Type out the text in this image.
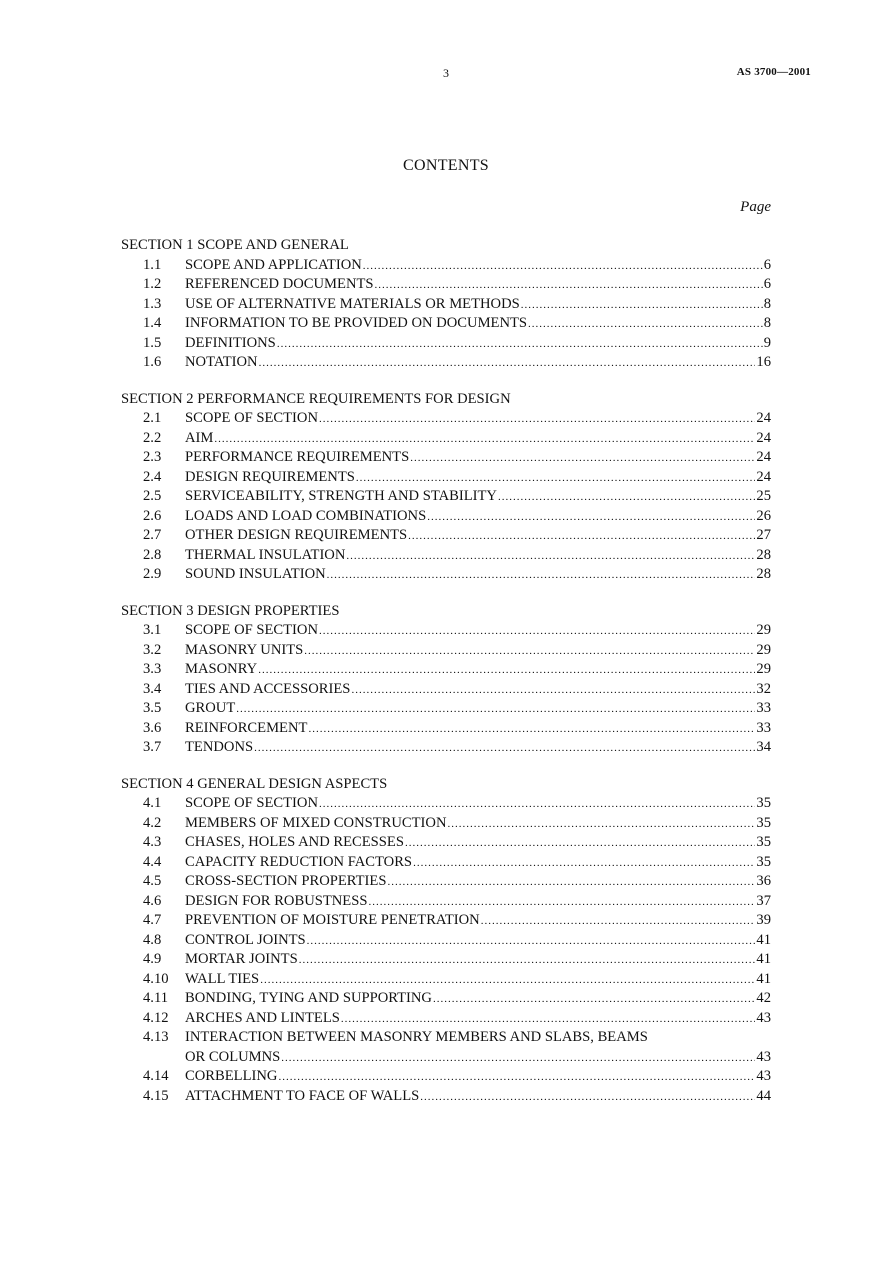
3	AS 3700—2001
CONTENTS
Page
SECTION 1 SCOPE AND GENERAL
1.1	SCOPE AND APPLICATION .....	6
1.2	REFERENCED DOCUMENTS .....	6
1.3	USE OF ALTERNATIVE MATERIALS OR METHODS .....	8
1.4	INFORMATION TO BE PROVIDED ON DOCUMENTS .....	8
1.5	DEFINITIONS .....	9
1.6	NOTATION .....	16
SECTION 2 PERFORMANCE REQUIREMENTS FOR DESIGN
2.1	SCOPE OF SECTION .....	24
2.2	AIM .....	24
2.3	PERFORMANCE REQUIREMENTS .....	24
2.4	DESIGN REQUIREMENTS .....	24
2.5	SERVICEABILITY, STRENGTH AND STABILITY .....	25
2.6	LOADS AND LOAD COMBINATIONS .....	26
2.7	OTHER DESIGN REQUIREMENTS .....	27
2.8	THERMAL INSULATION .....	28
2.9	SOUND INSULATION .....	28
SECTION 3 DESIGN PROPERTIES
3.1	SCOPE OF SECTION .....	29
3.2	MASONRY UNITS .....	29
3.3	MASONRY .....	29
3.4	TIES AND ACCESSORIES .....	32
3.5	GROUT .....	33
3.6	REINFORCEMENT .....	33
3.7	TENDONS .....	34
SECTION 4 GENERAL DESIGN ASPECTS
4.1	SCOPE OF SECTION .....	35
4.2	MEMBERS OF MIXED CONSTRUCTION .....	35
4.3	CHASES, HOLES AND RECESSES .....	35
4.4	CAPACITY REDUCTION FACTORS .....	35
4.5	CROSS-SECTION PROPERTIES .....	36
4.6	DESIGN FOR ROBUSTNESS .....	37
4.7	PREVENTION OF MOISTURE PENETRATION .....	39
4.8	CONTROL JOINTS .....	41
4.9	MORTAR JOINTS .....	41
4.10	WALL TIES .....	41
4.11	BONDING, TYING AND SUPPORTING .....	42
4.12	ARCHES AND LINTELS .....	43
4.13	INTERACTION BETWEEN MASONRY MEMBERS AND SLABS, BEAMS
OR COLUMNS .....	43
4.14	CORBELLING .....	43
4.15	ATTACHMENT TO FACE OF WALLS .....	44
